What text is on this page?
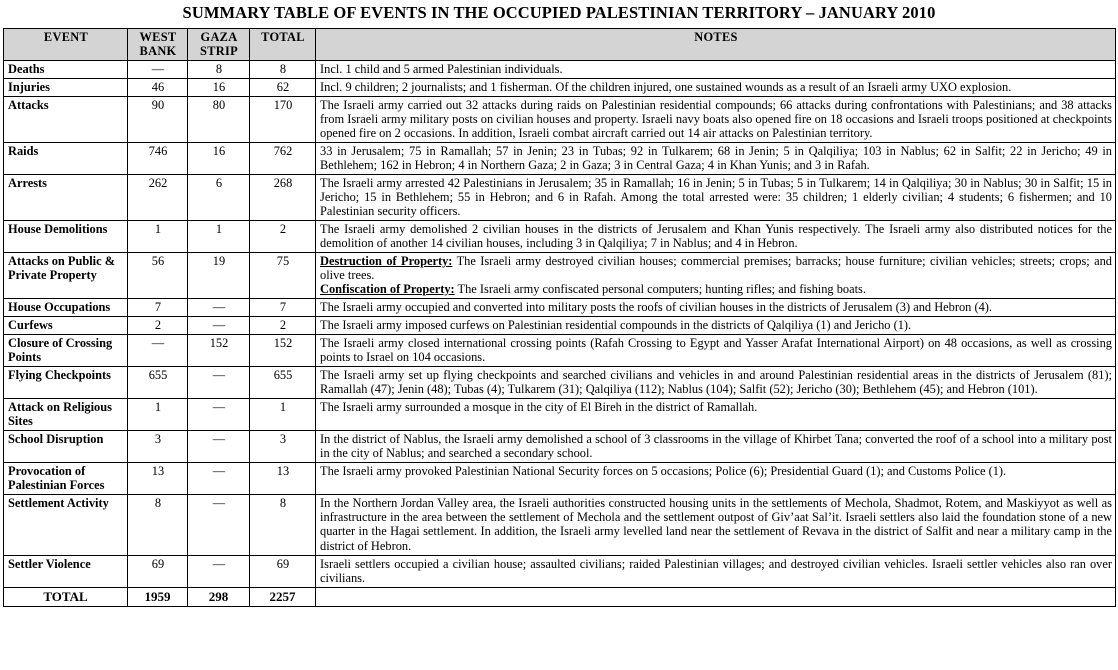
SUMMARY TABLE OF EVENTS IN THE OCCUPIED PALESTINIAN TERRITORY – JANUARY 2010
EVENT	WEST BANK	GAZA STRIP	TOTAL	NOTES
Deaths	—	8	8	Incl. 1 child and 5 armed Palestinian individuals.
Injuries	46	16	62	Incl. 9 children; 2 journalists; and 1 fisherman. Of the children injured, one sustained wounds as a result of an Israeli army UXO explosion.
Attacks	90	80	170	The Israeli army carried out 32 attacks during raids on Palestinian residential compounds; 66 attacks during confrontations with Palestinians; and 38 attacks from Israeli army military posts on civilian houses and property. Israeli navy boats also opened fire on 18 occasions and Israeli troops positioned at checkpoints opened fire on 2 occasions. In addition, Israeli combat aircraft carried out 14 air attacks on Palestinian territory.
Raids	746	16	762	33 in Jerusalem; 75 in Ramallah; 57 in Jenin; 23 in Tubas; 92 in Tulkarem; 68 in Jenin; 5 in Qalqiliya; 103 in Nablus; 62 in Salfit; 22 in Jericho; 49 in Bethlehem; 162 in Hebron; 4 in Northern Gaza; 2 in Gaza; 3 in Central Gaza; 4 in Khan Yunis; and 3 in Rafah.
Arrests	262	6	268	The Israeli army arrested 42 Palestinians in Jerusalem; 35 in Ramallah; 16 in Jenin; 5 in Tubas; 5 in Tulkarem; 14 in Qalqiliya; 30 in Nablus; 30 in Salfit; 15 in Jericho; 15 in Bethlehem; 55 in Hebron; and 6 in Rafah. Among the total arrested were: 35 children; 1 elderly civilian; 4 students; 6 fishermen; and 10 Palestinian security officers.
House Demolitions	1	1	2	The Israeli army demolished 2 civilian houses in the districts of Jerusalem and Khan Yunis respectively. The Israeli army also distributed notices for the demolition of another 14 civilian houses, including 3 in Qalqiliya; 7 in Nablus; and 4 in Hebron.
Attacks on Public & Private Property	56	19	75	Destruction of Property: The Israeli army destroyed civilian houses; commercial premises; barracks; house furniture; civilian vehicles; streets; crops; and olive trees.
Confiscation of Property: The Israeli army confiscated personal computers; hunting rifles; and fishing boats.

House Occupations	7	—	7	The Israeli army occupied and converted into military posts the roofs of civilian houses in the districts of Jerusalem (3) and Hebron (4).
Curfews	2	—	2	The Israeli army imposed curfews on Palestinian residential compounds in the districts of Qalqiliya (1) and Jericho (1).
Closure of Crossing Points	—	152	152	The Israeli army closed international crossing points (Rafah Crossing to Egypt and Yasser Arafat International Airport) on 48 occasions, as well as crossing points to Israel on 104 occasions.
Flying Checkpoints	655	—	655	The Israeli army set up flying checkpoints and searched civilians and vehicles in and around Palestinian residential areas in the districts of Jerusalem (81); Ramallah (47); Jenin (48); Tubas (4); Tulkarem (31); Qalqiliya (112); Nablus (104); Salfit (52); Jericho (30); Bethlehem (45); and Hebron (101).
Attack on Religious Sites	1	—	1	The Israeli army surrounded a mosque in the city of El Bireh in the district of Ramallah.
School Disruption	3	—	3	In the district of Nablus, the Israeli army demolished a school of 3 classrooms in the village of Khirbet Tana; converted the roof of a school into a military post in the city of Nablus; and searched a secondary school.
Provocation of Palestinian Forces	13	—	13	The Israeli army provoked Palestinian National Security forces on 5 occasions; Police (6); Presidential Guard (1); and Customs Police (1).
Settlement Activity	8	—	8	In the Northern Jordan Valley area, the Israeli authorities constructed housing units in the settlements of Mechola, Shadmot, Rotem, and Maskiyyot as well as infrastructure in the area between the settlement of Mechola and the settlement outpost of Giv’aat Sal’it. Israeli settlers also laid the foundation stone of a new quarter in the Hagai settlement. In addition, the Israeli army levelled land near the settlement of Revava in the district of Salfit and near a military camp in the district of Hebron.
Settler Violence	69	—	69	Israeli settlers occupied a civilian house; assaulted civilians; raided Palestinian villages; and destroyed civilian vehicles. Israeli settler vehicles also ran over civilians.
TOTAL	1959	298	2257	
